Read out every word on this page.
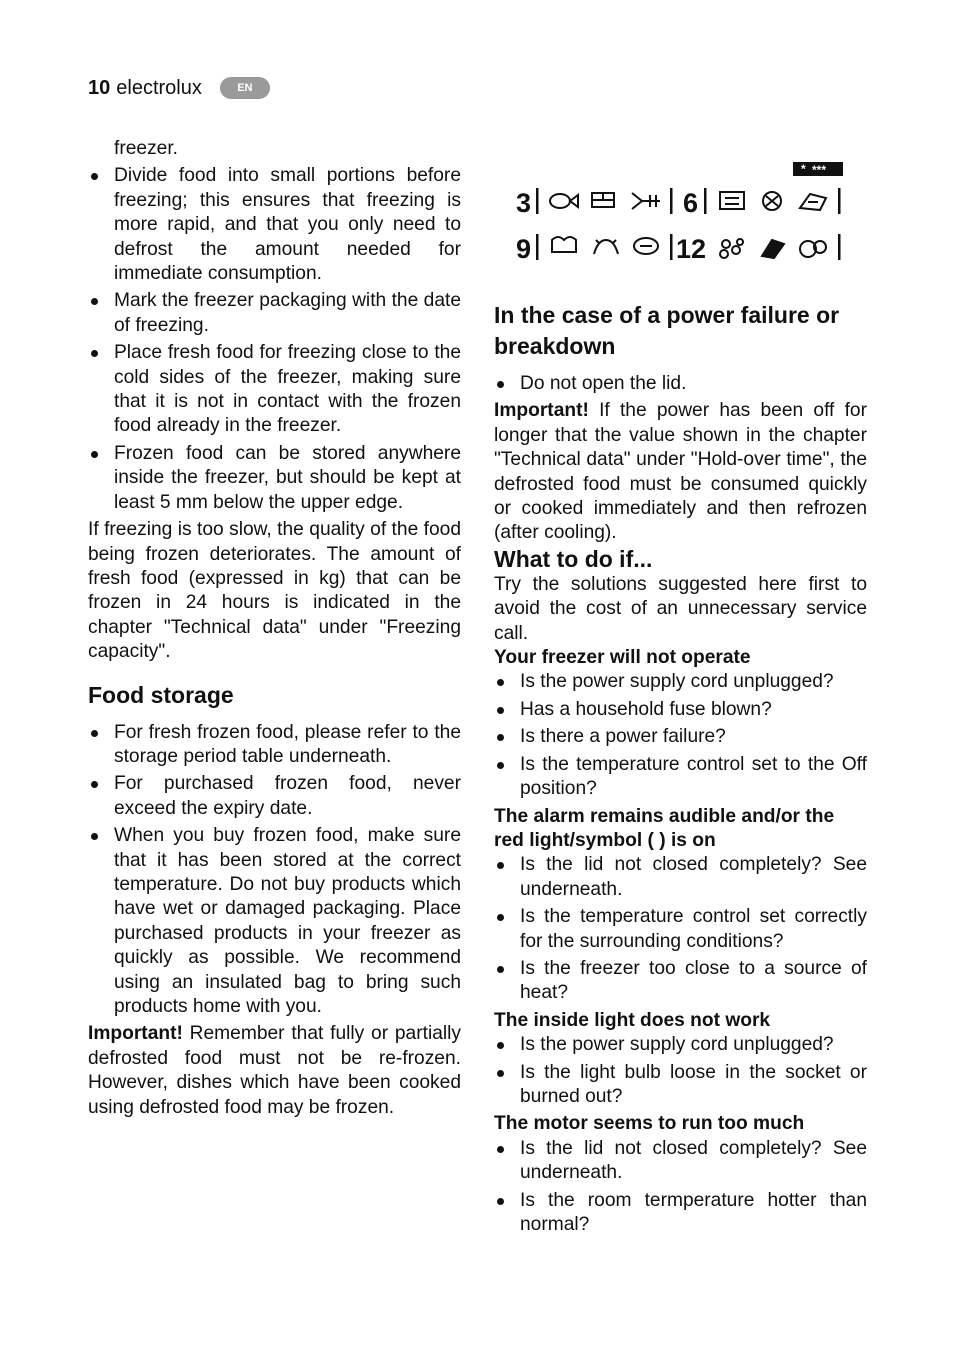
10 electrolux	EN

freezer.

Divide food into small portions before freezing; this ensures that freezing is more rapid, and that you only need to defrost the amount needed for immediate consumption.
Mark the freezer packaging with the date of freezing.
Place fresh food for freezing close to the cold sides of the freezer, making sure that it is not in contact with the frozen food already in the freezer.
Frozen food can be stored anywhere inside the freezer, but should be kept at least 5 mm below the upper edge.

If freezing is too slow, the quality of the food being frozen deteriorates. The amount of fresh food (expressed in kg) that can be frozen in 24 hours is indicated in the chapter "Technical data" under "Freezing capacity".

Food storage
For fresh frozen food, please refer to the storage period table underneath.
For purchased frozen food, never exceed the expiry date.
When you buy frozen food, make sure that it has been stored at the correct temperature. Do not buy products which have wet or damaged packaging. Place purchased products in your freezer as quickly as possible. We recommend using an insulated bag to bring such products home with you.

Important! Remember that fully or partially defrosted food must not be re-frozen. However, dishes which have been cooked using defrosted food may be frozen.

* ***
3	6
9	12
In the case of a power failure or breakdown
Do not open the lid.

Important! If the power has been off for longer that the value shown in the chapter "Technical data" under "Hold-over time", the defrosted food must be consumed quickly or cooked immediately and then refrozen (after cooling).

What to do if...

Try the solutions suggested here first to avoid the cost of an unnecessary service call.

Your freezer will not operate
Is the power supply cord unplugged?
Has a household fuse blown?
Is there a power failure?
Is the temperature control set to the Off position?
The alarm remains audible and/or the red light/symbol ( ) is on
Is the lid not closed completely? See underneath.
Is the temperature control set correctly for the surrounding conditions?
Is the freezer too close to a source of heat?
The inside light does not work
Is the power supply cord unplugged?
Is the light bulb loose in the socket or burned out?
The motor seems to run too much
Is the lid not closed completely? See underneath.
Is the room termperature hotter than normal?
